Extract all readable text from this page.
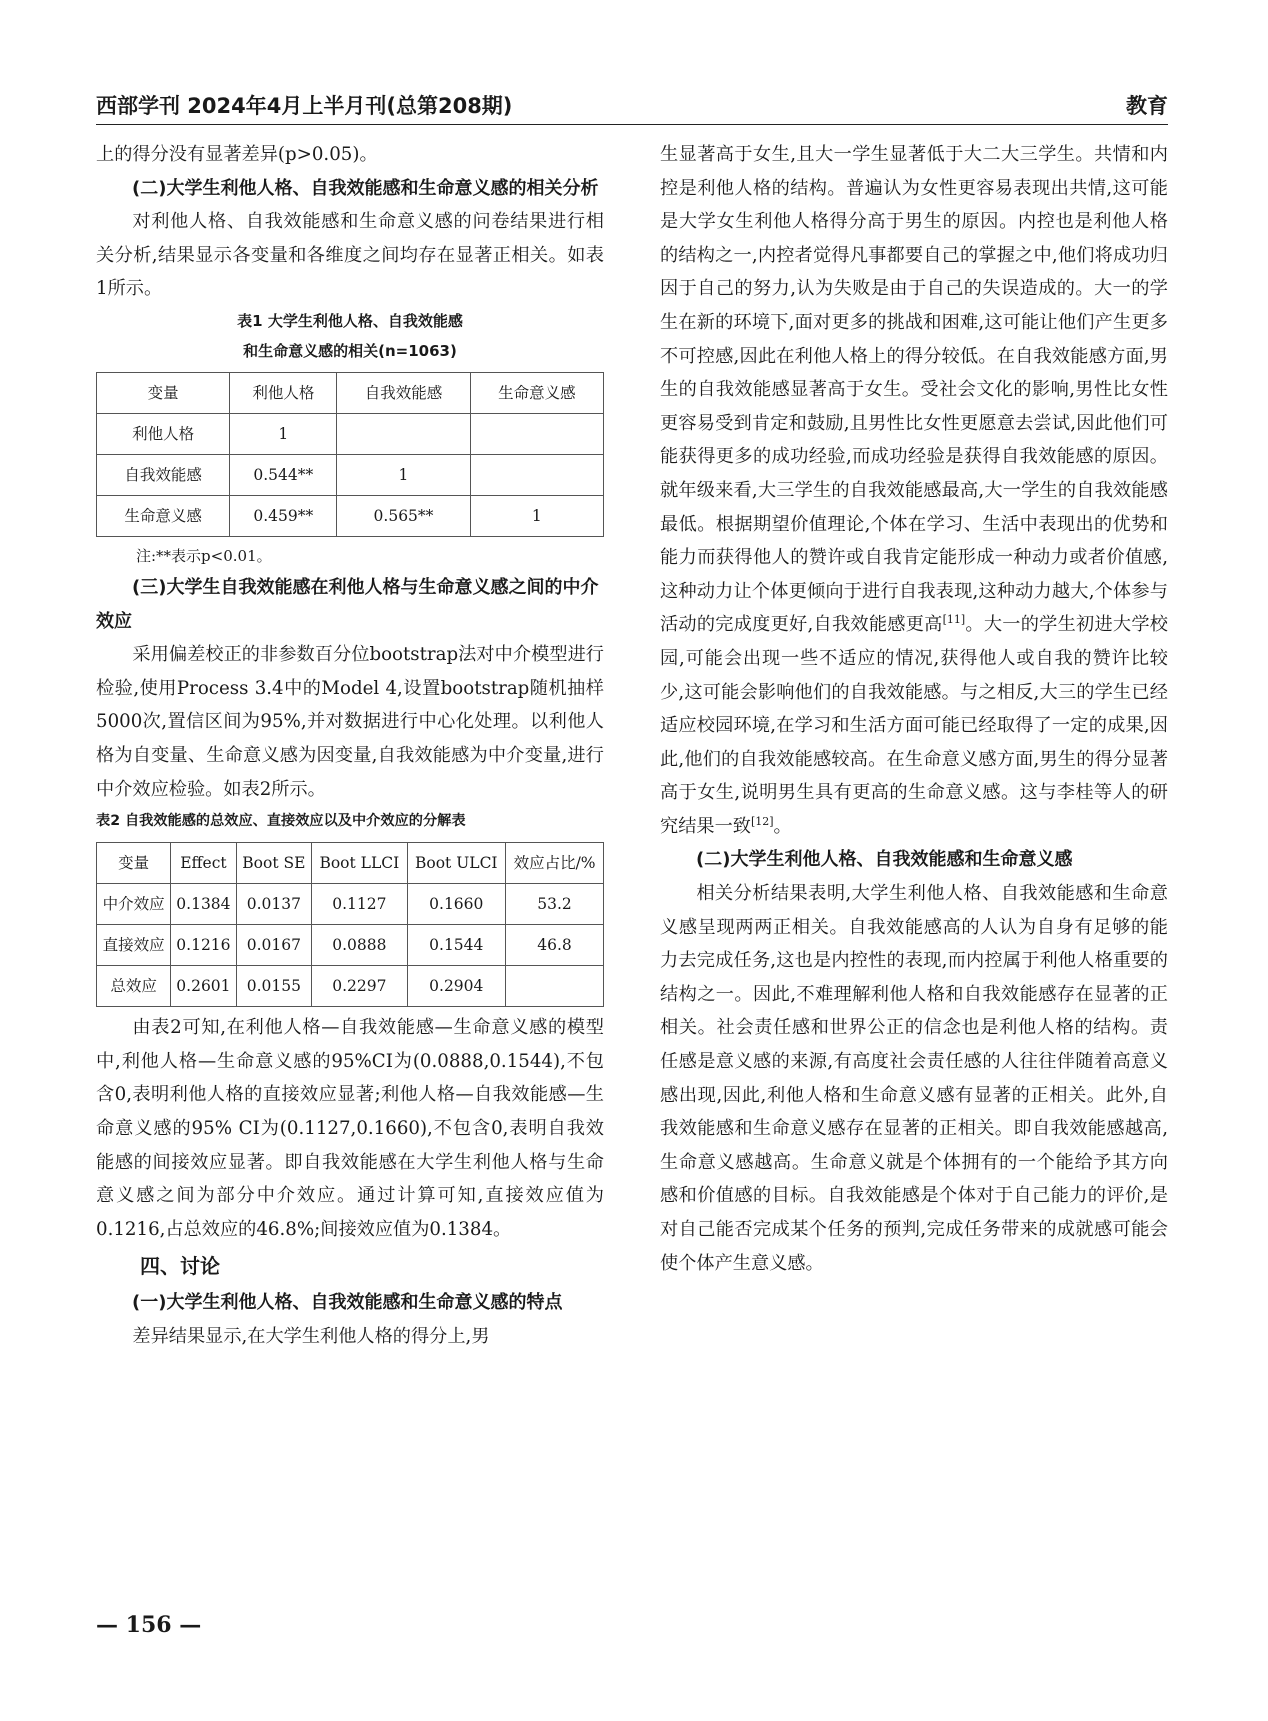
西部学刊 2024年4月上半月刊(总第208期)	教育

上的得分没有显著差异(p>0.05)。

(二)大学生利他人格、自我效能感和生命意义感的相关分析

对利他人格、自我效能感和生命意义感的问卷结果进行相关分析,结果显示各变量和各维度之间均存在显著正相关。如表1所示。

表1 大学生利他人格、自我效能感

和生命意义感的相关(n=1063)

变量	利他人格	自我效能感	生命意义感
利他人格	1		
自我效能感	0.544**	1	
生命意义感	0.459**	0.565**	1

注:**表示p<0.01。

(三)大学生自我效能感在利他人格与生命意义感之间的中介效应

采用偏差校正的非参数百分位bootstrap法对中介模型进行检验,使用Process 3.4中的Model 4,设置bootstrap随机抽样5000次,置信区间为95%,并对数据进行中心化处理。以利他人格为自变量、生命意义感为因变量,自我效能感为中介变量,进行中介效应检验。如表2所示。

表2 自我效能感的总效应、直接效应以及中介效应的分解表

变量	Effect	Boot SE	Boot LLCI	Boot ULCI	效应占比/%
中介效应	0.1384	0.0137	0.1127	0.1660	53.2
直接效应	0.1216	0.0167	0.0888	0.1544	46.8
总效应	0.2601	0.0155	0.2297	0.2904	

由表2可知,在利他人格—自我效能感—生命意义感的模型中,利他人格—生命意义感的95%CI为(0.0888,0.1544),不包含0,表明利他人格的直接效应显著;利他人格—自我效能感—生命意义感的95% CI为(0.1127,0.1660),不包含0,表明自我效能感的间接效应显著。即自我效能感在大学生利他人格与生命意义感之间为部分中介效应。通过计算可知,直接效应值为0.1216,占总效应的46.8%;间接效应值为0.1384。

四、讨论

(一)大学生利他人格、自我效能感和生命意义感的特点

差异结果显示,在大学生利他人格的得分上,男

生显著高于女生,且大一学生显著低于大二大三学生。共情和内控是利他人格的结构。普遍认为女性更容易表现出共情,这可能是大学女生利他人格得分高于男生的原因。内控也是利他人格的结构之一,内控者觉得凡事都要自己的掌握之中,他们将成功归因于自己的努力,认为失败是由于自己的失误造成的。大一的学生在新的环境下,面对更多的挑战和困难,这可能让他们产生更多不可控感,因此在利他人格上的得分较低。在自我效能感方面,男生的自我效能感显著高于女生。受社会文化的影响,男性比女性更容易受到肯定和鼓励,且男性比女性更愿意去尝试,因此他们可能获得更多的成功经验,而成功经验是获得自我效能感的原因。就年级来看,大三学生的自我效能感最高,大一学生的自我效能感最低。根据期望价值理论,个体在学习、生活中表现出的优势和能力而获得他人的赞许或自我肯定能形成一种动力或者价值感,这种动力让个体更倾向于进行自我表现,这种动力越大,个体参与活动的完成度更好,自我效能感更高[11]。大一的学生初进大学校园,可能会出现一些不适应的情况,获得他人或自我的赞许比较少,这可能会影响他们的自我效能感。与之相反,大三的学生已经适应校园环境,在学习和生活方面可能已经取得了一定的成果,因此,他们的自我效能感较高。在生命意义感方面,男生的得分显著高于女生,说明男生具有更高的生命意义感。这与李桂等人的研究结果一致[12]。

(二)大学生利他人格、自我效能感和生命意义感

相关分析结果表明,大学生利他人格、自我效能感和生命意义感呈现两两正相关。自我效能感高的人认为自身有足够的能力去完成任务,这也是内控性的表现,而内控属于利他人格重要的结构之一。因此,不难理解利他人格和自我效能感存在显著的正相关。社会责任感和世界公正的信念也是利他人格的结构。责任感是意义感的来源,有高度社会责任感的人往往伴随着高意义感出现,因此,利他人格和生命意义感有显著的正相关。此外,自我效能感和生命意义感存在显著的正相关。即自我效能感越高,生命意义感越高。生命意义就是个体拥有的一个能给予其方向感和价值感的目标。自我效能感是个体对于自己能力的评价,是对自己能否完成某个任务的预判,完成任务带来的成就感可能会使个体产生意义感。

— 156 —
